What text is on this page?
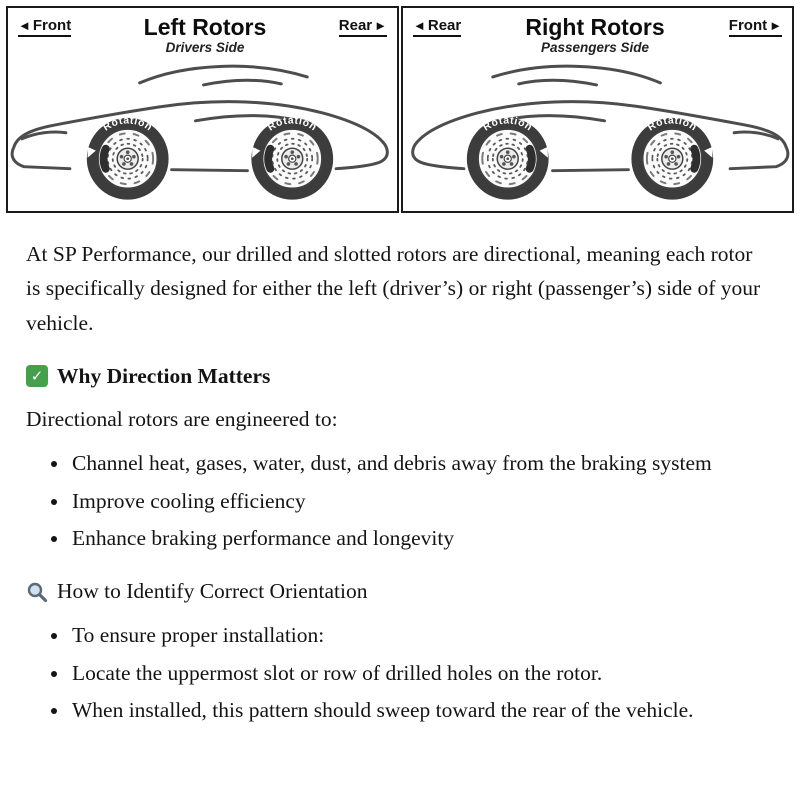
◄ Front	Left Rotors
Drivers Side
Rear ►
Rotation	Rotation
◄ Rear	Right Rotors
Passengers Side
Front ►
Rotation	Rotation

At SP Performance, our drilled and slotted rotors are directional, meaning each rotor is specifically designed for either the left (driver’s) or right (passenger’s) side of your vehicle.

✓ Why Direction Matters

Directional rotors are engineered to:

• Channel heat, gases, water, dust, and debris away from the braking system
• Improve cooling efficiency
• Enhance braking performance and longevity
How to Identify Correct Orientation
• To ensure proper installation:
• Locate the uppermost slot or row of drilled holes on the rotor.
• When installed, this pattern should sweep toward the rear of the vehicle.
